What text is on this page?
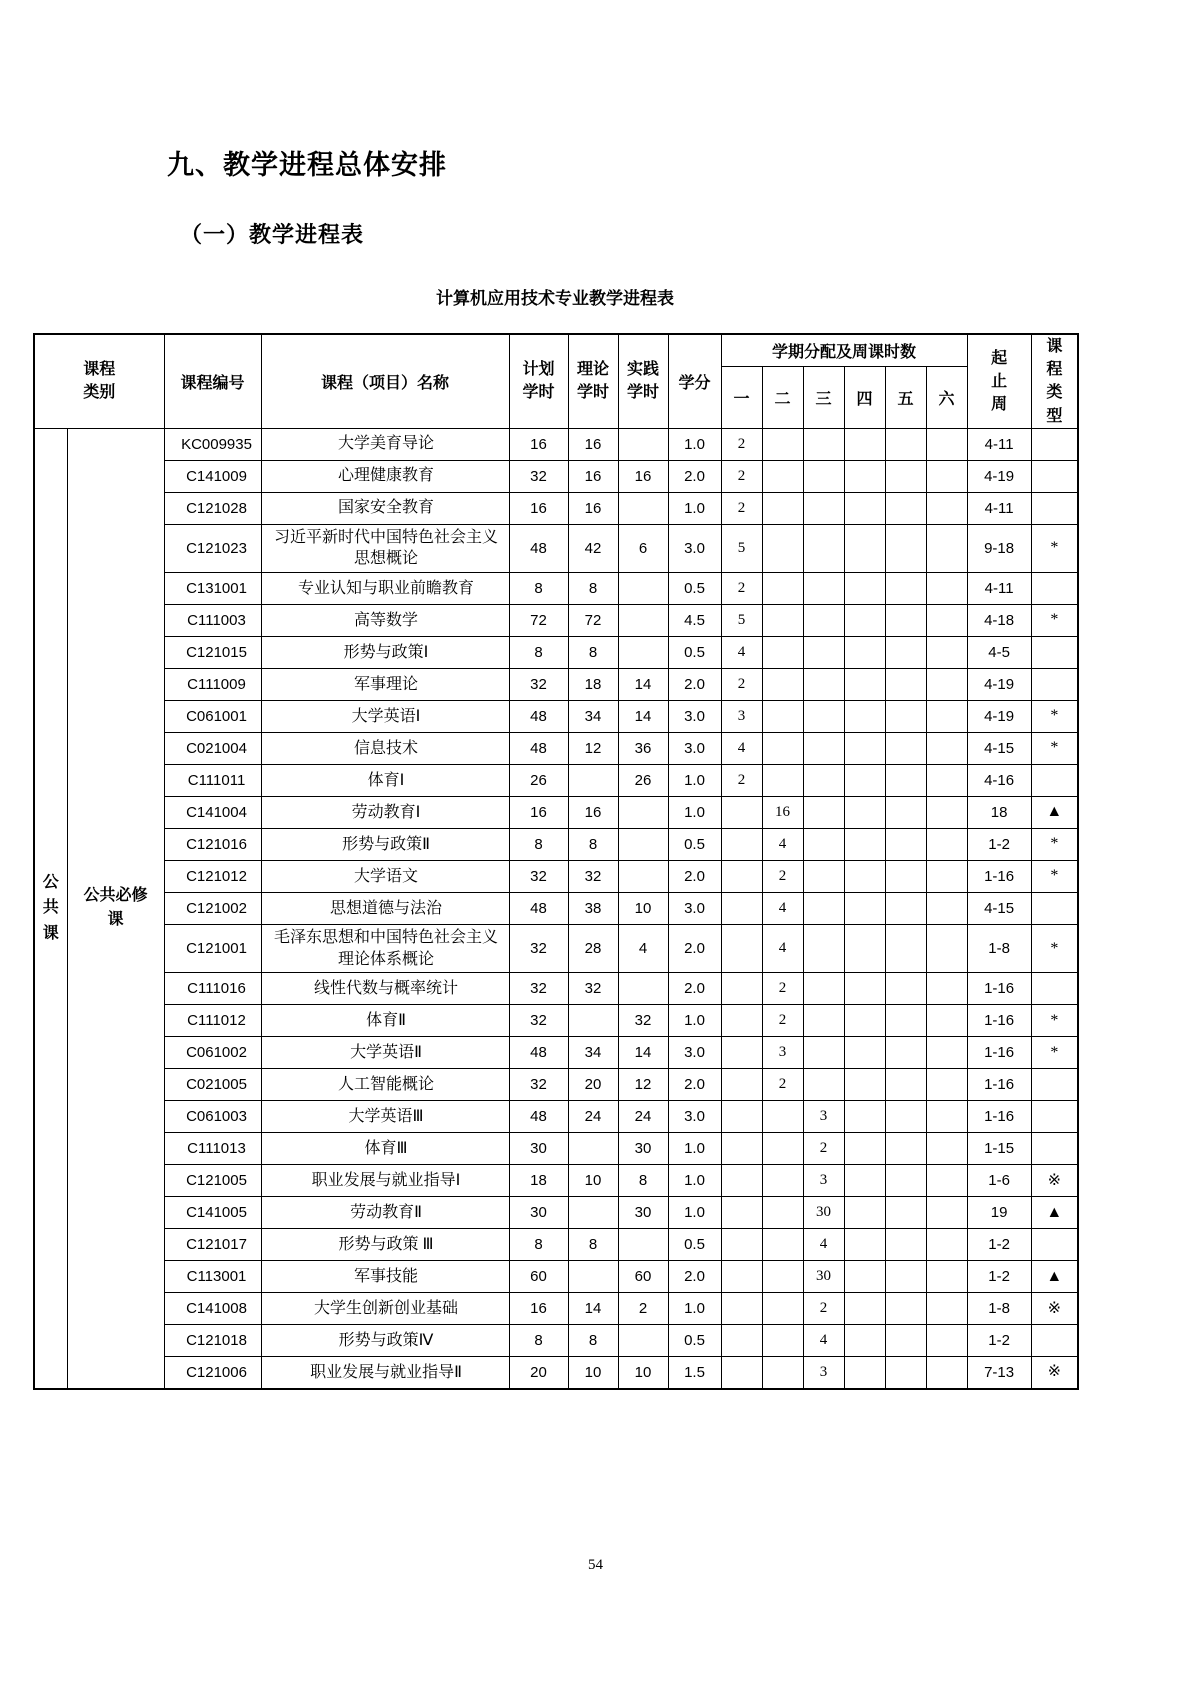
九、教学进程总体安排
（一）教学进程表
计算机应用技术专业教学进程表
课程类别		课程编号	课程（项目）名称	计划学时	理论学时	实践学时	学分	学期分配及周课时数						起止周	课程类型

								一	二	三	四	五	六		
公共课	公共必修课	KC009935	大学美育导论	16	16		1.0	2						4-11	
		C141009	心理健康教育	32	16	16	2.0	2						4-19	
		C121028	国家安全教育	16	16		1.0	2						4-11	
		C121023	习近平新时代中国特色社会主义思想概论	48	42	6	3.0	5						9-18	*
		C131001	专业认知与职业前瞻教育	8	8		0.5	2						4-11	
		C111003	高等数学	72	72		4.5	5						4-18	*
		C121015	形势与政策Ⅰ	8	8		0.5	4						4-5	
		C111009	军事理论	32	18	14	2.0	2						4-19	
		C061001	大学英语Ⅰ	48	34	14	3.0	3						4-19	*
		C021004	信息技术	48	12	36	3.0	4						4-15	*
		C111011	体育Ⅰ	26		26	1.0	2						4-16	
		C141004	劳动教育Ⅰ	16	16		1.0		16					18	▲
		C121016	形势与政策Ⅱ	8	8		0.5		4					1-2	*
		C121012	大学语文	32	32		2.0		2					1-16	*
		C121002	思想道德与法治	48	38	10	3.0		4					4-15	
		C121001	毛泽东思想和中国特色社会主义理论体系概论	32	28	4	2.0		4					1-8	*
		C111016	线性代数与概率统计	32	32		2.0		2					1-16	
		C111012	体育Ⅱ	32		32	1.0		2					1-16	*
		C061002	大学英语Ⅱ	48	34	14	3.0		3					1-16	*
		C021005	人工智能概论	32	20	12	2.0		2					1-16	
		C061003	大学英语Ⅲ	48	24	24	3.0			3				1-16	
		C111013	体育Ⅲ	30		30	1.0			2				1-15	
		C121005	职业发展与就业指导Ⅰ	18	10	8	1.0			3				1-6	※
		C141005	劳动教育Ⅱ	30		30	1.0			30				19	▲
		C121017	形势与政策 Ⅲ	8	8		0.5			4				1-2	
		C113001	军事技能	60		60	2.0			30				1-2	▲
		C141008	大学生创新创业基础	16	14	2	1.0			2				1-8	※
		C121018	形势与政策Ⅳ	8	8		0.5			4				1-2	
		C121006	职业发展与就业指导Ⅱ	20	10	10	1.5			3				7-13	※
54
